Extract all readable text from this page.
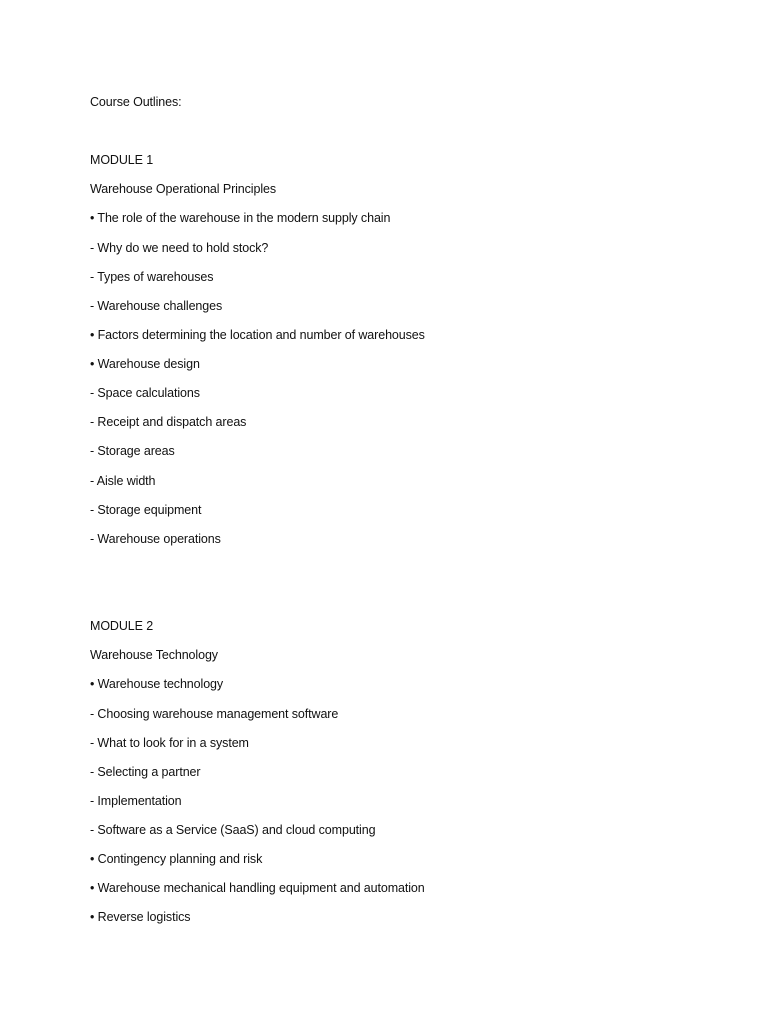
Course Outlines:
MODULE 1
Warehouse Operational Principles
• The role of the warehouse in the modern supply chain
- Why do we need to hold stock?
- Types of warehouses
- Warehouse challenges
• Factors determining the location and number of warehouses
• Warehouse design
- Space calculations
- Receipt and dispatch areas
- Storage areas
- Aisle width
- Storage equipment
- Warehouse operations
MODULE 2
Warehouse Technology
• Warehouse technology
- Choosing warehouse management software
- What to look for in a system
- Selecting a partner
- Implementation
- Software as a Service (SaaS) and cloud computing
• Contingency planning and risk
• Warehouse mechanical handling equipment and automation
• Reverse logistics
